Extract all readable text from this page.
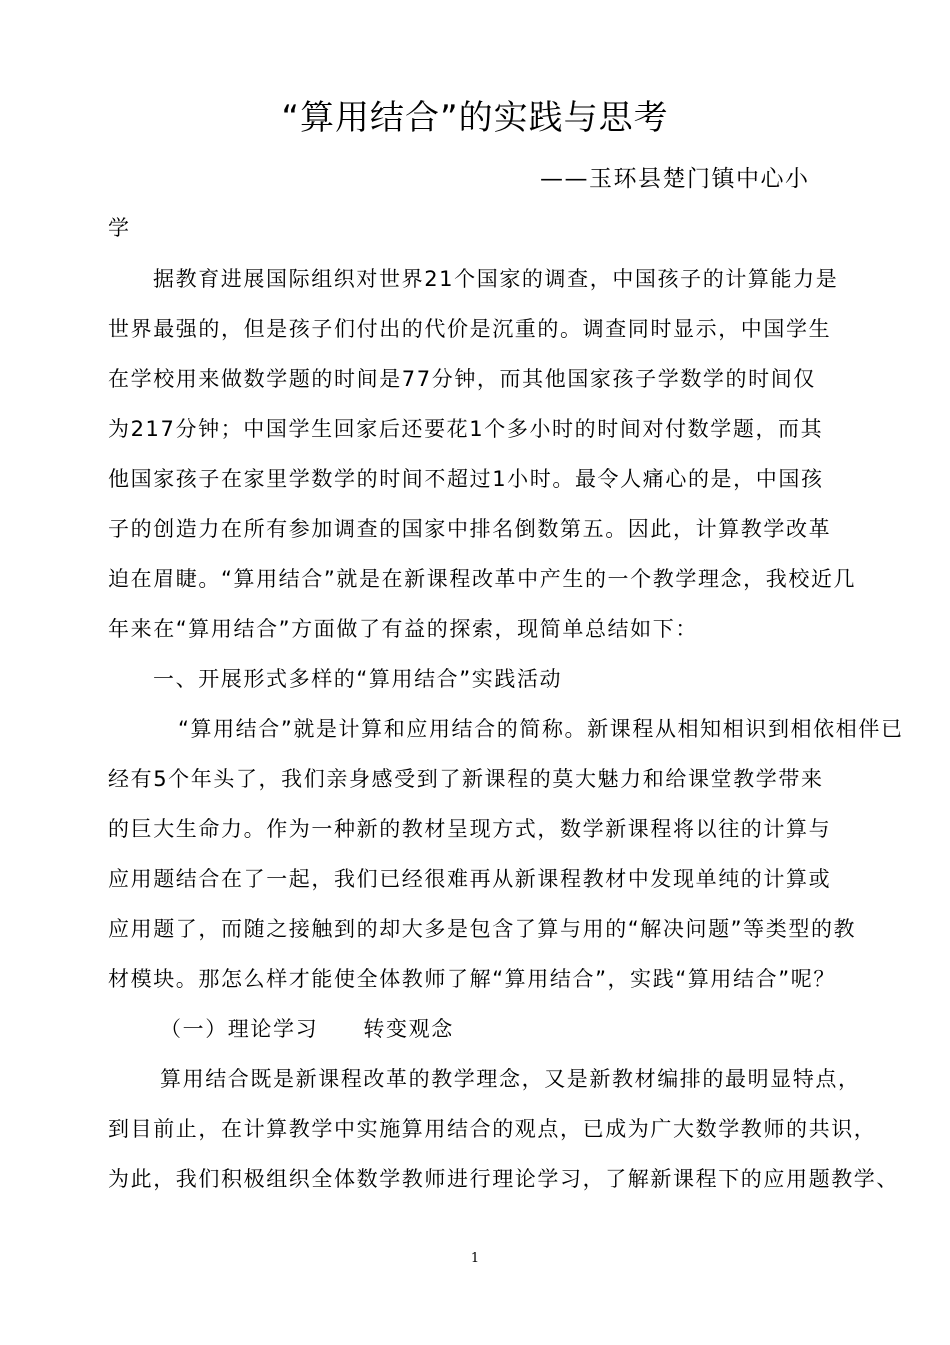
“算用结合”的实践与思考
——玉环县楚门镇中心小
学
据教育进展国际组织对世界21个国家的调查，中国孩子的计算能力是
世界最强的，但是孩子们付出的代价是沉重的。调查同时显示，中国学生
在学校用来做数学题的时间是77分钟，而其他国家孩子学数学的时间仅
为217分钟；中国学生回家后还要花1个多小时的时间对付数学题，而其
他国家孩子在家里学数学的时间不超过1小时。最令人痛心的是，中国孩
子的创造力在所有参加调查的国家中排名倒数第五。因此，计算教学改革
迫在眉睫。“算用结合”就是在新课程改革中产生的一个教学理念，我校近几
年来在“算用结合”方面做了有益的探索，现简单总结如下：
一、开展形式多样的“算用结合”实践活动
“算用结合”就是计算和应用结合的简称。新课程从相知相识到相依相伴已
经有5个年头了，我们亲身感受到了新课程的莫大魅力和给课堂教学带来
的巨大生命力。作为一种新的教材呈现方式，数学新课程将以往的计算与
应用题结合在了一起，我们已经很难再从新课程教材中发现单纯的计算或
应用题了，而随之接触到的却大多是包含了算与用的“解决问题”等类型的教
材模块。那怎么样才能使全体教师了解“算用结合”，实践“算用结合”呢？
（一）理论学习　　转变观念
算用结合既是新课程改革的教学理念，又是新教材编排的最明显特点，
到目前止，在计算教学中实施算用结合的观点，已成为广大数学教师的共识，
为此，我们积极组织全体数学教师进行理论学习，了解新课程下的应用题教学、
1
